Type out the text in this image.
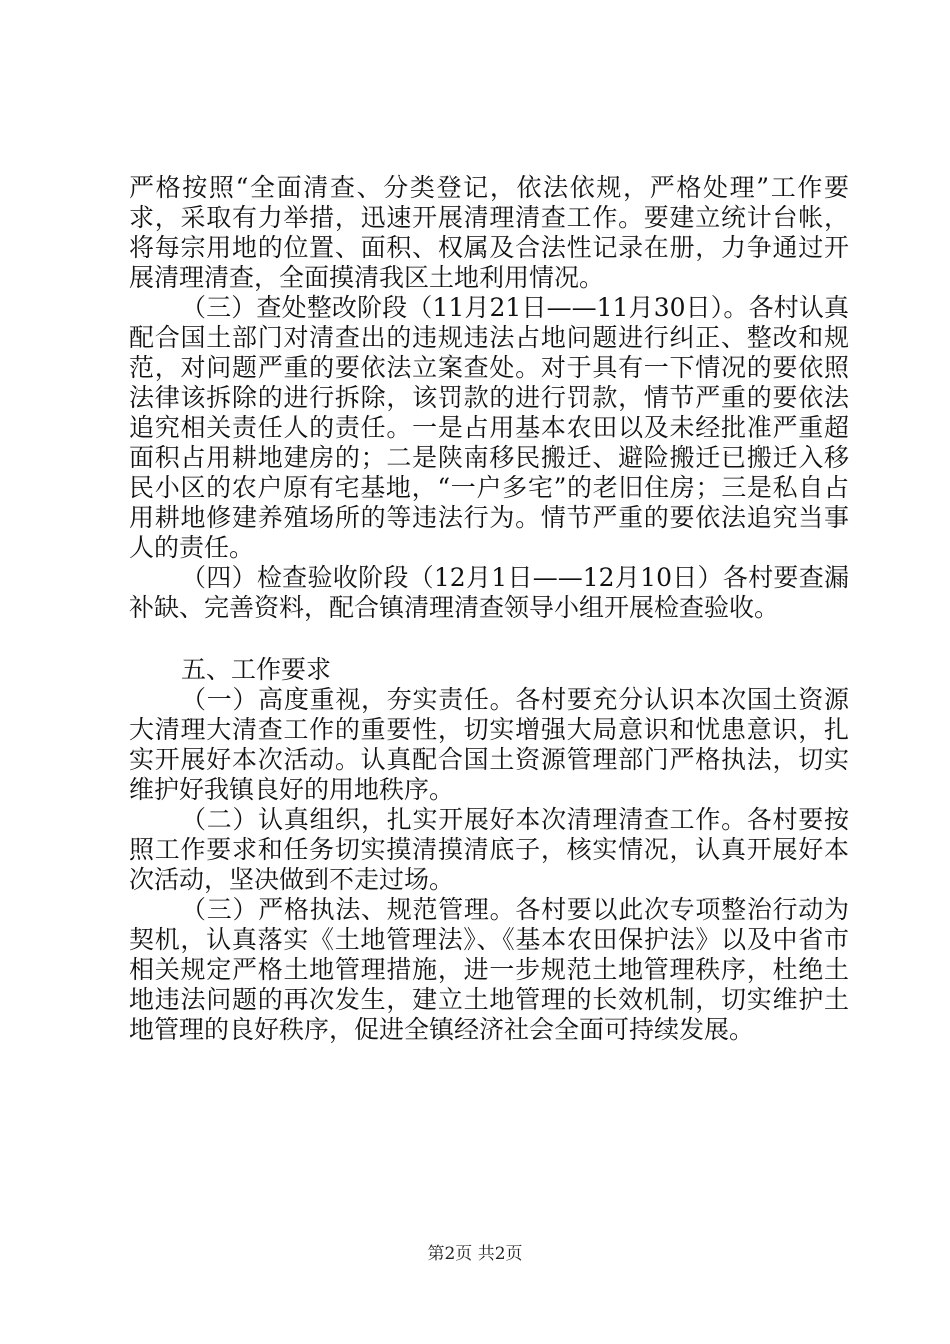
严格按照“全面清查、分类登记，依法依规，严格处理”工作要求，采取有力举措，迅速开展清理清查工作。要建立统计台帐，将每宗用地的位置、面积、权属及合法性记录在册，力争通过开展清理清查，全面摸清我区土地利用情况。

（三）查处整改阶段（11月21日——11月30日）。各村认真配合国土部门对清查出的违规违法占地问题进行纠正、整改和规范，对问题严重的要依法立案查处。对于具有一下情况的要依照法律该拆除的进行拆除，该罚款的进行罚款，情节严重的要依法追究相关责任人的责任。一是占用基本农田以及未经批准严重超面积占用耕地建房的；二是陕南移民搬迁、避险搬迁已搬迁入移民小区的农户原有宅基地，“一户多宅”的老旧住房；三是私自占用耕地修建养殖场所的等违法行为。情节严重的要依法追究当事人的责任。

（四）检查验收阶段（12月1日——12月10日）各村要查漏补缺、完善资料，配合镇清理清查领导小组开展检查验收。

五、工作要求

（一）高度重视，夯实责任。各村要充分认识本次国土资源大清理大清查工作的重要性，切实增强大局意识和忧患意识，扎实开展好本次活动。认真配合国土资源管理部门严格执法，切实维护好我镇良好的用地秩序。

（二）认真组织，扎实开展好本次清理清查工作。各村要按照工作要求和任务切实摸清摸清底子，核实情况，认真开展好本次活动，坚决做到不走过场。

（三）严格执法、规范管理。各村要以此次专项整治行动为契机，认真落实《土地管理法》、《基本农田保护法》以及中省市相关规定严格土地管理措施，进一步规范土地管理秩序，杜绝土地违法问题的再次发生，建立土地管理的长效机制，切实维护土地管理的良好秩序，促进全镇经济社会全面可持续发展。

第2页 共2页
